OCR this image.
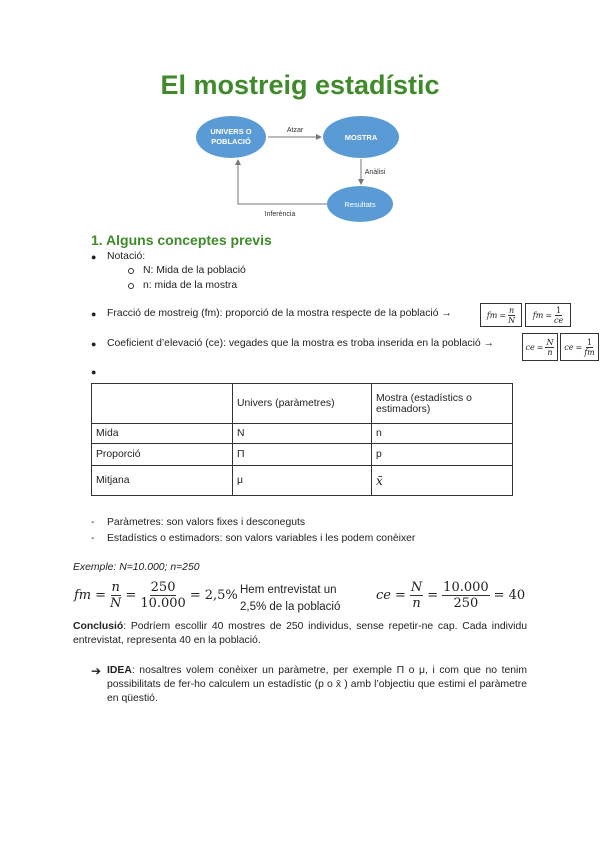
El mostreig estadístic
UNIVERS O
POBLACIÓ	MOSTRA
Resultats
Atzar
Anàlisi
Inferència
1. Alguns conceptes previs
● Notació:
N: Mida de la població
n: mida de la mostra
● Fracció de mostreig (fm): proporció de la mostra respecte de la població →	fm = $\frac{n}{N}$ fm = $\frac{1}{ce}$
● Coeficient d’elevació (ce): vegades que la mostra es troba inserida en la població →	ce = $\frac{N}{n}$ ce = $\frac{1}{fm}$
●
	Univers (paràmetres)	Mostra (estadístics o estimadors)
Mida	N	n
Proporció	Π	p
Mitjana	μ	x̄
- Paràmetres: son valors fixes i desconeguts
- Estadístics o estimadors: son valors variables i les podem conèixer
Exemple: N=10.000; n=250
fm = $\frac{n}{N} = \frac{250}{10.000} = 2,5\%$ Hem entrevistat un
2,5% de la població
ce = $\frac{N}{n} = \frac{10.000}{250} = 40$
Conclusió: Podríem escollir 40 mostres de 250 individus, sense repetir-ne cap. Cada individu entrevistat, representa 40 en la població.
➔ IDEA: nosaltres volem conèixer un paràmetre, per exemple Π o μ, i com que no tenim possibilitats de fer-ho calculem un estadístic (p o x̄ ) amb l’objectiu que estimi el paràmetre en qüestió.
